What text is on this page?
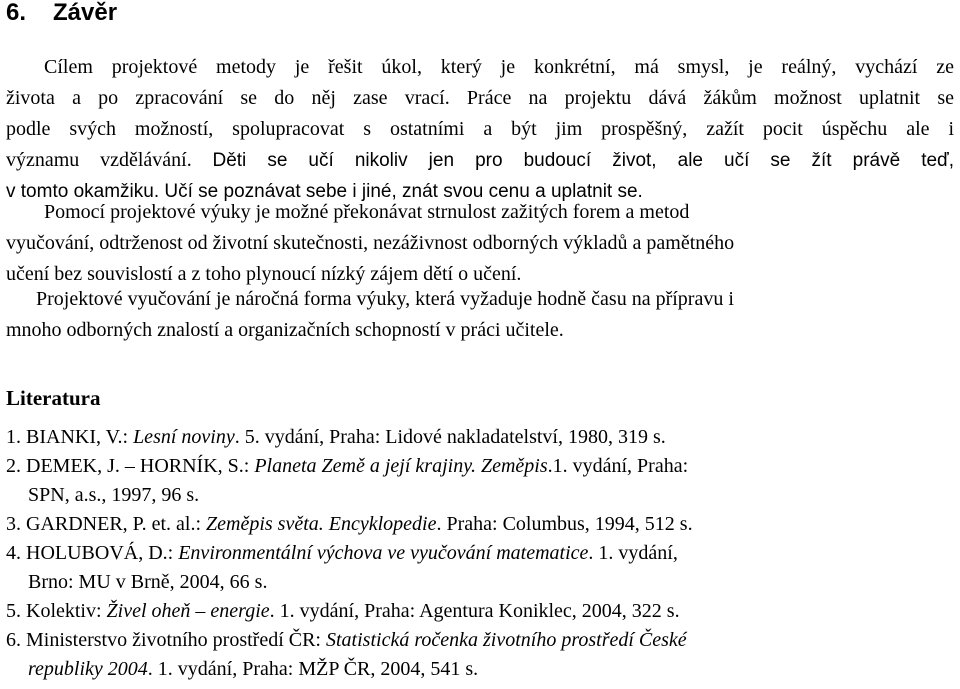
6. Závěr
Cílem projektové metody je řešit úkol, který je konkrétní, má smysl, je reálný, vychází ze
života a po zpracování se do něj zase vrací. Práce na projektu dává žákům možnost uplatnit se
podle svých možností, spolupracovat s ostatními a být jim prospěšný, zažít pocit úspěchu ale i
významu vzdělávání. Děti se učí nikoliv jen pro budoucí život, ale učí se žít právě teď,
v tomto okamžiku. Učí se poznávat sebe i jiné, znát svou cenu a uplatnit se.
Pomocí projektové výuky je možné překonávat strnulost zažitých forem a metod
vyučování, odtrženost od životní skutečnosti, nezáživnost odborných výkladů a pamětného
učení bez souvislostí a z toho plynoucí nízký zájem dětí o učení.
Projektové vyučování je náročná forma výuky, která vyžaduje hodně času na přípravu i
mnoho odborných znalostí a organizačních schopností v práci učitele.
Literatura
1. BIANKI, V.: Lesní noviny. 5. vydání, Praha: Lidové nakladatelství, 1980, 319 s.
2. DEMEK, J. – HORNÍK, S.: Planeta Země a její krajiny. Zeměpis.1. vydání, Praha:
SPN, a.s., 1997, 96 s.
3. GARDNER, P. et. al.: Zeměpis světa. Encyklopedie. Praha: Columbus, 1994, 512 s.
4. HOLUBOVÁ, D.: Environmentální výchova ve vyučování matematice. 1. vydání,
Brno: MU v Brně, 2004, 66 s.
5. Kolektiv: Živel oheň – energie. 1. vydání, Praha: Agentura Koniklec, 2004, 322 s.
6. Ministerstvo životního prostředí ČR: Statistická ročenka životního prostředí České
republiky 2004. 1. vydání, Praha: MŽP ČR, 2004, 541 s.
